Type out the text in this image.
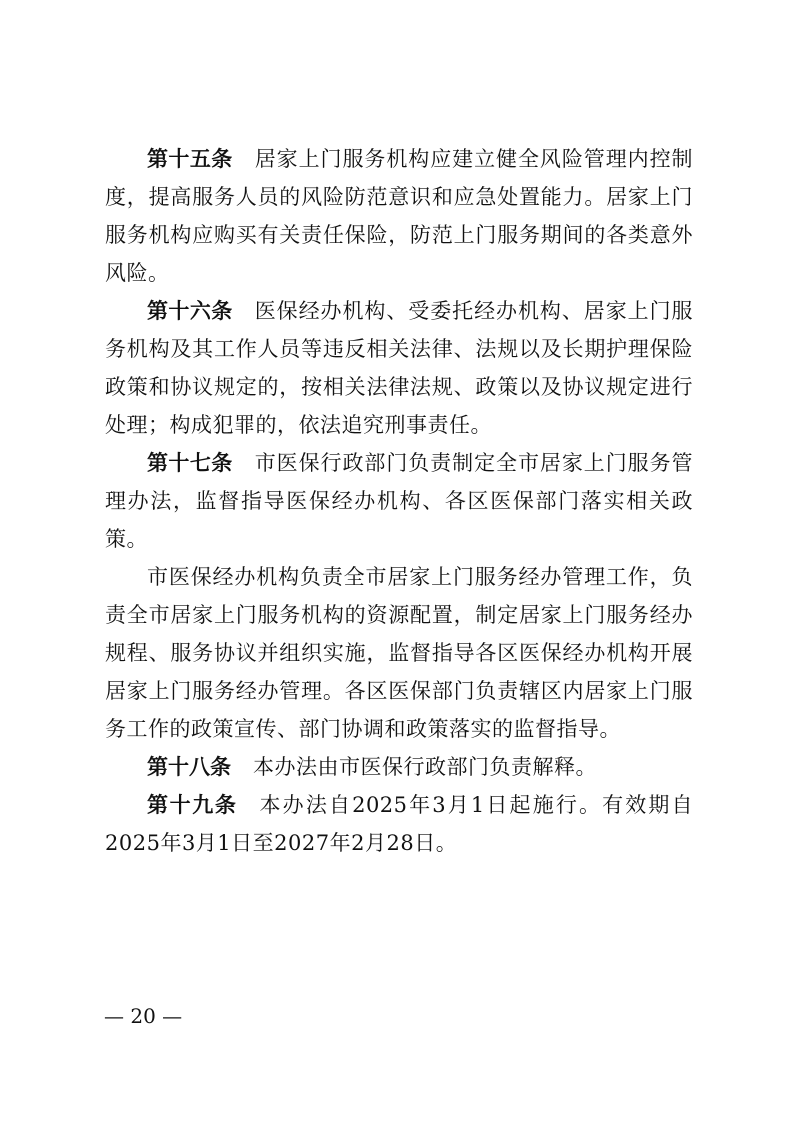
第十五条 居家上门服务机构应建立健全风险管理内控制度，提高服务人员的风险防范意识和应急处置能力。居家上门服务机构应购买有关责任保险，防范上门服务期间的各类意外风险。

第十六条 医保经办机构、受委托经办机构、居家上门服务机构及其工作人员等违反相关法律、法规以及长期护理保险政策和协议规定的，按相关法律法规、政策以及协议规定进行处理；构成犯罪的，依法追究刑事责任。

第十七条 市医保行政部门负责制定全市居家上门服务管理办法，监督指导医保经办机构、各区医保部门落实相关政策。

市医保经办机构负责全市居家上门服务经办管理工作，负责全市居家上门服务机构的资源配置，制定居家上门服务经办规程、服务协议并组织实施，监督指导各区医保经办机构开展居家上门服务经办管理。各区医保部门负责辖区内居家上门服务工作的政策宣传、部门协调和政策落实的监督指导。

第十八条 本办法由市医保行政部门负责解释。

第十九条 本办法自2025年3月1日起施行。有效期自2025年3月1日至2027年2月28日。

— 20 —
